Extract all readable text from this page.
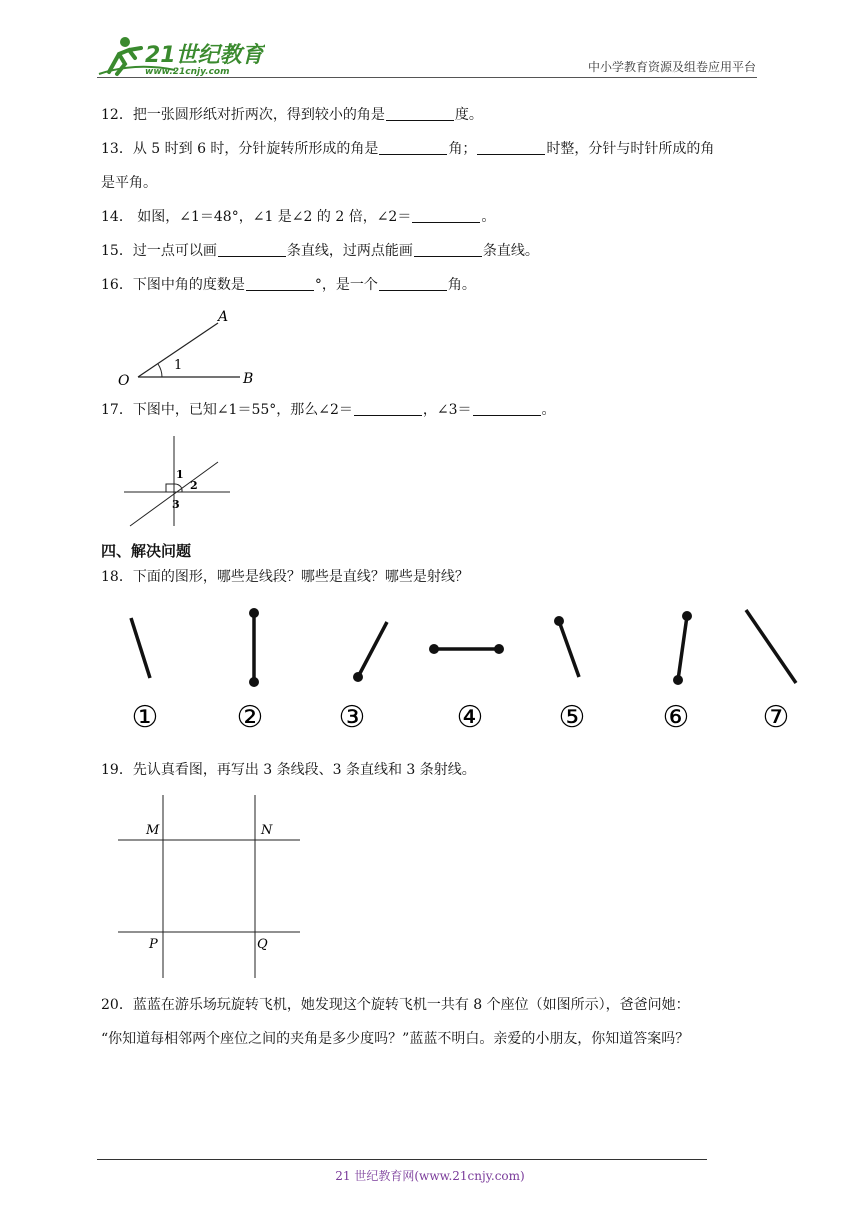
21世纪教育
www.21cnjy.com	中小学教育资源及组卷应用平台
12．把一张圆形纸对折两次，得到较小的角是	度。
13．从 5 时到 6 时，分针旋转所形成的角是	角；	时整，分针与时针所成的角
是平角。
14． 如图，∠1＝48°，∠1 是∠2 的 2 倍，∠2＝	。
15．过一点可以画	条直线，过两点能画	条直线。
16．下图中角的度数是	°，是一个	角。
A
O	B
1
17．下图中，已知∠1＝55°，那么∠2＝	，∠3＝	。
1
2
3
四、解决问题
18．下面的图形，哪些是线段？哪些是直线？哪些是射线？
①	②	③	④	⑤	⑥ ⑦
19．先认真看图，再写出 3 条线段、3 条直线和 3 条射线。
M	N
P	Q
20．蓝蓝在游乐场玩旋转飞机，她发现这个旋转飞机一共有 8 个座位（如图所示），爸爸问她：
“你知道每相邻两个座位之间的夹角是多少度吗？”蓝蓝不明白。亲爱的小朋友，你知道答案吗？
21 世纪教育网(www.21cnjy.com)
